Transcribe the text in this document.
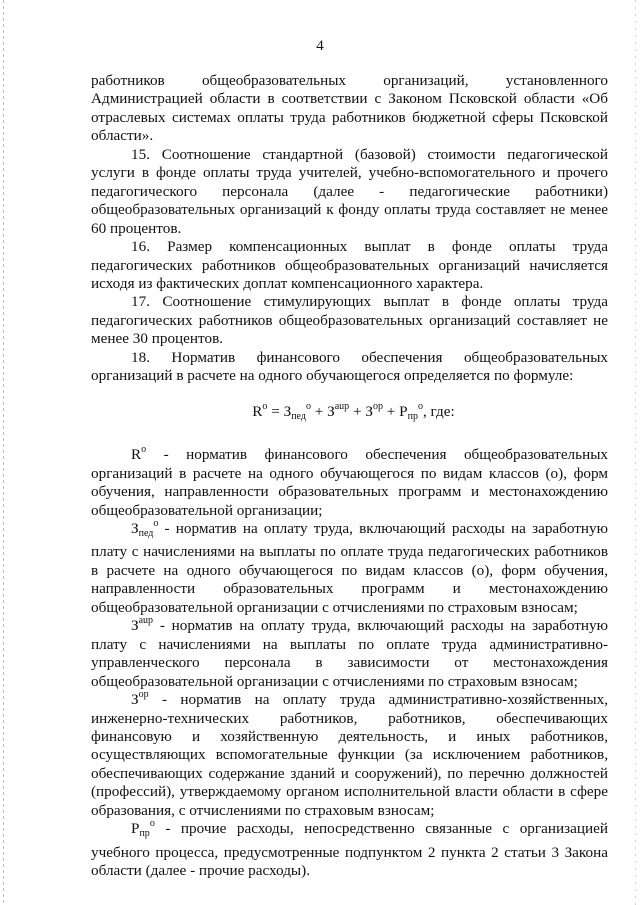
4

работников общеобразовательных организаций, установленного Администрацией области в соответствии с Законом Псковской области «Об отраслевых системах оплаты труда работников бюджетной сферы Псковской области».

15. Соотношение стандартной (базовой) стоимости педагогической услуги в фонде оплаты труда учителей, учебно-вспомогательного и прочего педагогического персонала (далее - педагогические работники) общеобразовательных организаций к фонду оплаты труда составляет не менее 60 процентов.

16. Размер компенсационных выплат в фонде оплаты труда педагогических работников общеобразовательных организаций начисляется исходя из фактических доплат компенсационного характера.

17. Соотношение стимулирующих выплат в фонде оплаты труда педагогических работников общеобразовательных организаций составляет не менее 30 процентов.

18. Норматив финансового обеспечения общеобразовательных организаций в расчете на одного обучающегося определяется по формуле:

$R^о = З_{пед}^о + З^{аup} + З^{оp} + Р_{пр}^о$, где:

$R^о$ - норматив финансового обеспечения общеобразовательных организаций в расчете на одного обучающегося по видам классов (о), форм обучения, направленности образовательных программ и местонахождению общеобразовательной организации;

$З_{пед}^о$ - норматив на оплату труда, включающий расходы на заработную плату с начислениями на выплаты по оплате труда педагогических работников в расчете на одного обучающегося по видам классов (о), форм обучения, направленности образовательных программ и местонахождению общеобразовательной организации с отчислениями по страховым взносам;

$З^{аup}$ - норматив на оплату труда, включающий расходы на заработную плату с начислениями на выплаты по оплате труда административно-управленческого персонала в зависимости от местонахождения общеобразовательной организации с отчислениями по страховым взносам;

$З^{оp}$ - норматив на оплату труда административно-хозяйственных, инженерно-технических работников, работников, обеспечивающих финансовую и хозяйственную деятельность, и иных работников, осуществляющих вспомогательные функции (за исключением работников, обеспечивающих содержание зданий и сооружений), по перечню должностей (профессий), утверждаемому органом исполнительной власти области в сфере образования, с отчислениями по страховым взносам;

$Р_{пр}^о$ - прочие расходы, непосредственно связанные с организацией учебного процесса, предусмотренные подпунктом 2 пункта 2 статьи 3 Закона области (далее - прочие расходы).
